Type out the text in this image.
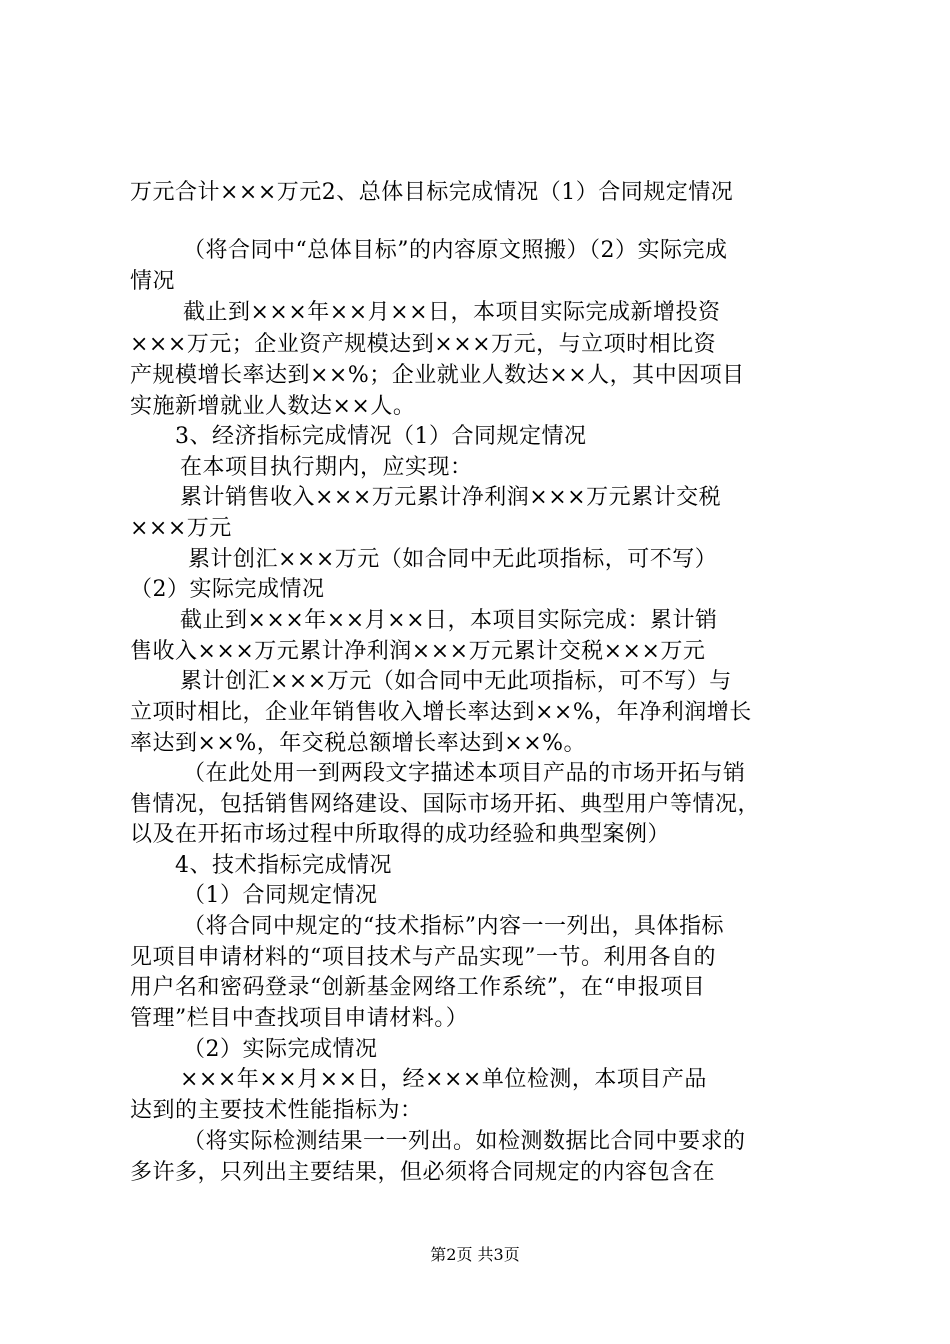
万元合计×××万元2、总体目标完成情况（1）合同规定情况
（将合同中“总体目标”的内容原文照搬）（2）实际完成
情况
截止到×××年××月××日，本项目实际完成新增投资
×××万元；企业资产规模达到×××万元，与立项时相比资
产规模增长率达到××%；企业就业人数达××人，其中因项目
实施新增就业人数达××人。
3、经济指标完成情况（1）合同规定情况
在本项目执行期内，应实现：
累计销售收入×××万元累计净利润×××万元累计交税
×××万元
累计创汇×××万元（如合同中无此项指标，可不写）
（2）实际完成情况
截止到×××年××月××日，本项目实际完成：累计销
售收入×××万元累计净利润×××万元累计交税×××万元
累计创汇×××万元（如合同中无此项指标，可不写）与
立项时相比，企业年销售收入增长率达到××%，年净利润增长
率达到××%，年交税总额增长率达到××%。
（在此处用一到两段文字描述本项目产品的市场开拓与销
售情况，包括销售网络建设、国际市场开拓、典型用户等情况，
以及在开拓市场过程中所取得的成功经验和典型案例）
4、技术指标完成情况
（1）合同规定情况
（将合同中规定的“技术指标”内容一一列出，具体指标
见项目申请材料的“项目技术与产品实现”一节。利用各自的
用户名和密码登录“创新基金网络工作系统”，在“申报项目
管理”栏目中查找项目申请材料。）
（2）实际完成情况
×××年××月××日，经×××单位检测，本项目产品
达到的主要技术性能指标为：
（将实际检测结果一一列出。如检测数据比合同中要求的
多许多，只列出主要结果，但必须将合同规定的内容包含在
第2页 共3页
